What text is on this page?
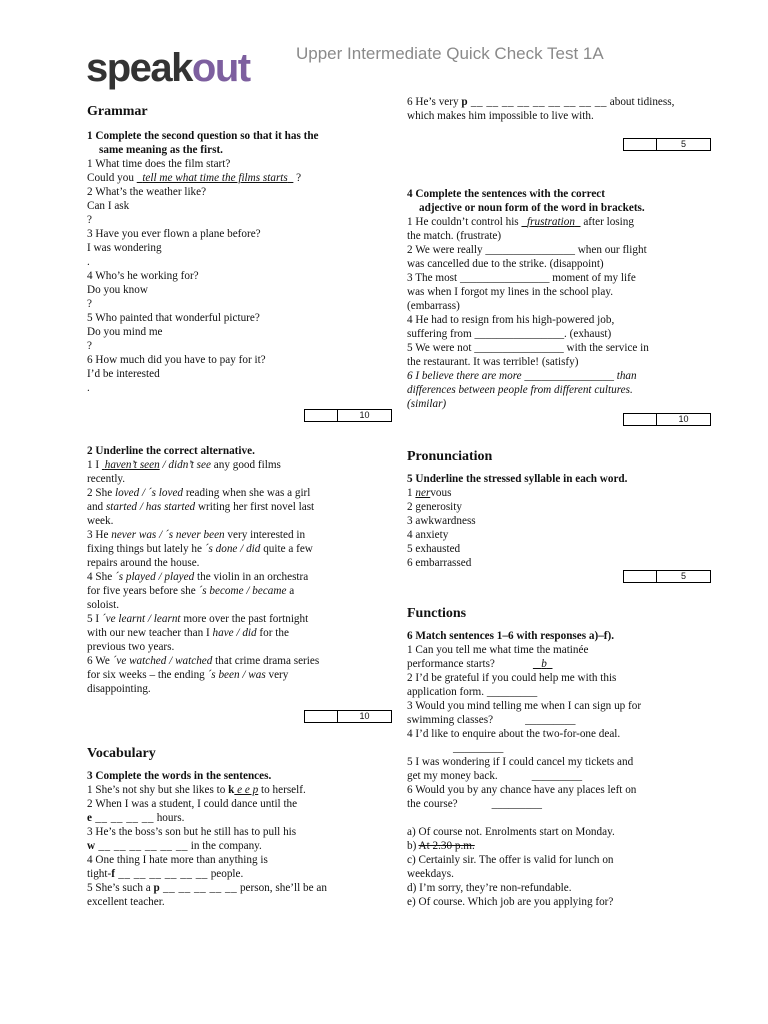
speakout	Upper Intermediate Quick Check Test 1A

Grammar

1 Complete the second question so that it has the

same meaning as the first.

1 What time does the film start?

Could you tell me what time the films starts ?

2 What’s the weather like?

Can I ask

?

3 Have you ever flown a plane before?

I was wondering

.

4 Who’s he working for?

Do you know

?

5 Who painted that wonderful picture?

Do you mind me

?

6 How much did you have to pay for it?

I’d be interested

.

10

2 Underline the correct alternative.

1 I haven’t seen / didn’t see any good films

recently.

2 She loved / ´s loved reading when she was a girl

and started / has started writing her first novel last

week.

3 He never was / ´s never been very interested in

fixing things but lately he ´s done / did quite a few

repairs around the house.

4 She ´s played / played the violin in an orchestra

for five years before she ´s become / became a

soloist.

5 I ´ve learnt / learnt more over the past fortnight

with our new teacher than I have / did for the

previous two years.

6 We ´ve watched / watched that crime drama series

for six weeks – the ending ´s been / was very

disappointing.

10

Vocabulary

3 Complete the words in the sentences.

1 She’s not shy but she likes to k e e p to herself.

2 When I was a student, I could dance until the

e __ __ __ __ hours.

3 He’s the boss’s son but he still has to pull his

w __ __ __ __ __ __ in the company.

4 One thing I hate more than anything is

tight-f __ __ __ __ __ __ people.

5 She’s such a p __ __ __ __ __ person, she’ll be an

excellent teacher.

6 He’s very p __ __ __ __ __ __ __ __ __ about tidiness,

which makes him impossible to live with.

5

4 Complete the sentences with the correct

adjective or noun form of the word in brackets.

1 He couldn’t control his   frustration   after losing

the match. (frustrate)

2 We were really ________________ when our flight

was cancelled due to the strike. (disappoint)

3 The most ________________ moment of my life

was when I forgot my lines in the school play.

(embarrass)

4 He had to resign from his high-powered job,

suffering from ________________. (exhaust)

5 We were not ________________ with the service in

the restaurant. It was terrible! (satisfy)

6 I believe there are more ________________ than

differences between people from different cultures.

(similar)

10

Pronunciation

5 Underline the stressed syllable in each word.

1 nervous

2 generosity

3 awkwardness

4 anxiety

5 exhausted

6 embarrassed

5

Functions

6 Match sentences 1–6 with responses a)–f).

1 Can you tell me what time the matinée

performance starts?	b

2 I’d be grateful if you could help me with this

application form. _________

3 Would you mind telling me when I can sign up for

swimming classes?	_________

4 I’d like to enquire about the two-for-one deal.

_________

5 I was wondering if I could cancel my tickets and

get my money back.	_________

6 Would you by any chance have any places left on

the course?	_________

a) Of course not. Enrolments start on Monday.

b) At 2.30 p.m.

c) Certainly sir. The offer is valid for lunch on

weekdays.

d) I’m sorry, they’re non-refundable.

e) Of course. Which job are you applying for?
